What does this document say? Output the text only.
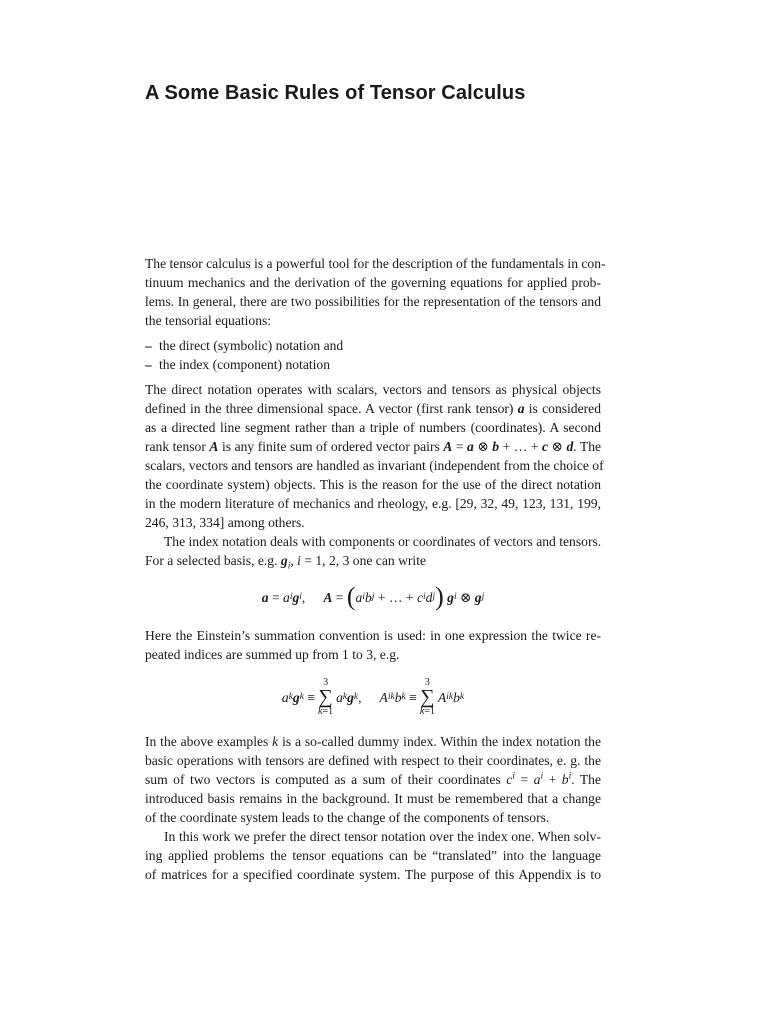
A Some Basic Rules of Tensor Calculus
The tensor calculus is a powerful tool for the description of the fundamentals in con-
tinuum mechanics and the derivation of the governing equations for applied prob-
lems. In general, there are two possibilities for the representation of the tensors and
the tensorial equations:
– the direct (symbolic) notation and
– the index (component) notation
The direct notation operates with scalars, vectors and tensors as physical objects
defined in the three dimensional space. A vector (first rank tensor) a is considered
as a directed line segment rather than a triple of numbers (coordinates). A second
rank tensor A is any finite sum of ordered vector pairs A = a ⊗ b + … + c ⊗ d. The
scalars, vectors and tensors are handled as invariant (independent from the choice of
the coordinate system) objects. This is the reason for the use of the direct notation
in the modern literature of mechanics and rheology, e.g. [29, 32, 49, 123, 131, 199,
246, 313, 334] among others.
The index notation deals with components or coordinates of vectors and tensors.
For a selected basis, e.g. $g_i$, i = 1, 2, 3 one can write
a = a i g i , A = ( a i b j + … + c i d j )
g i ⊗ g j
Here the Einstein’s summation convention is used: in one expression the twice re-
peated indices are summed up from 1 to 3, e.g.
a k g k ≡
3
∑
k=1
a k g k , A ik b k ≡
3
∑
k=1
A ik b k
In the above examples k is a so-called dummy index. Within the index notation the
basic operations with tensors are defined with respect to their coordinates, e. g. the
sum of two vectors is computed as a sum of their coordinates $c^i = a^i + b^i$. The
introduced basis remains in the background. It must be remembered that a change
of the coordinate system leads to the change of the components of tensors.
In this work we prefer the direct tensor notation over the index one. When solv-
ing applied problems the tensor equations can be “translated” into the language
of matrices for a specified coordinate system. The purpose of this Appendix is to
